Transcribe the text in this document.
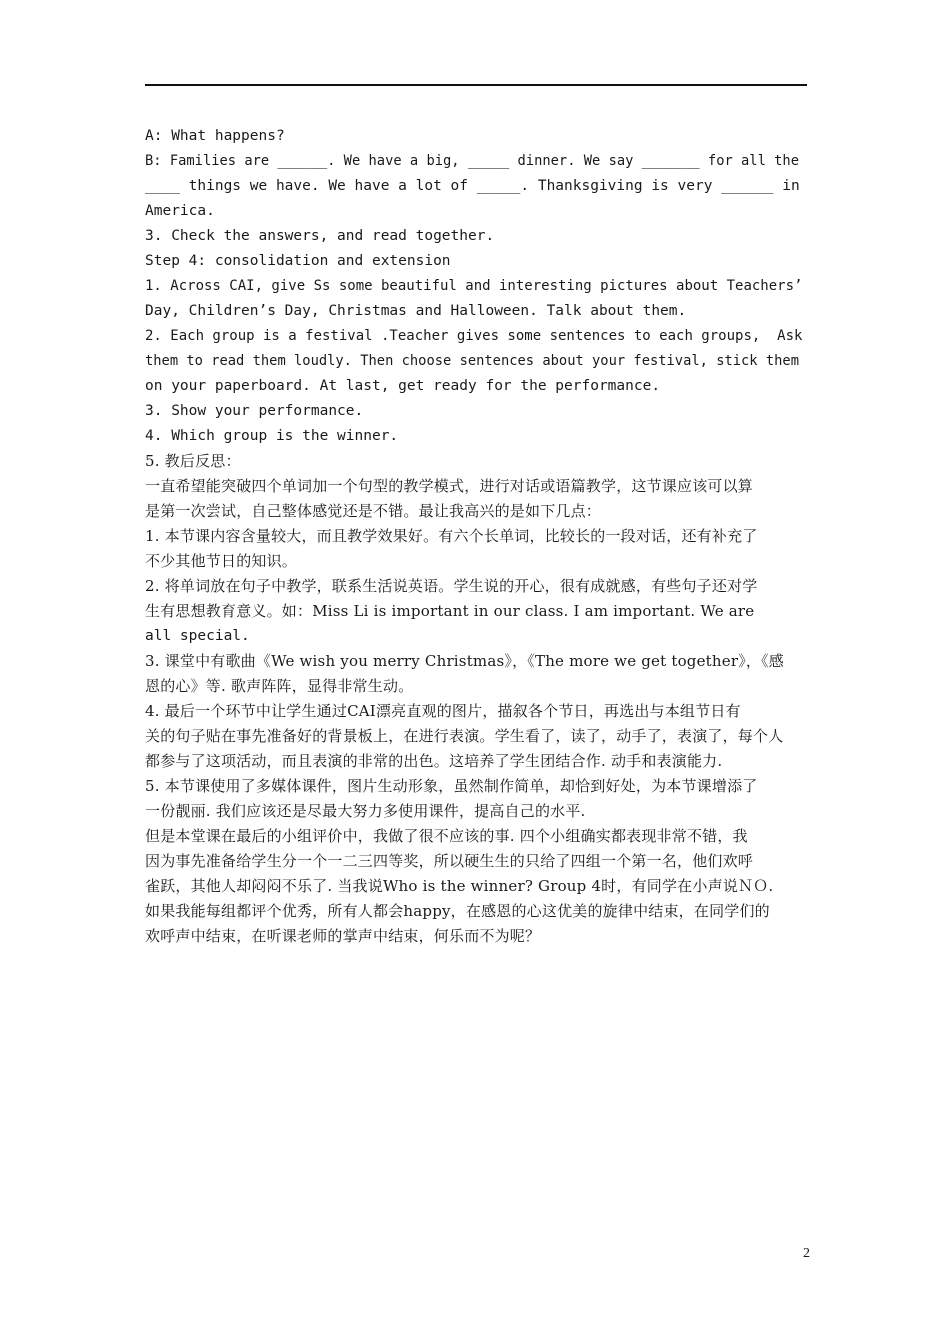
A: What happens?
B: Families are ______. We have a big, _____ dinner. We say _______ for all the
____ things we have. We have a lot of _____. Thanksgiving is very ______ in
America.
3. Check the answers, and read together.
Step 4: consolidation and extension
1. Across CAI, give Ss some beautiful and interesting pictures about Teachers’
Day, Children’s Day, Christmas and Halloween. Talk about them.
2. Each group is a festival .Teacher gives some sentences to each groups,  Ask
them to read them loudly. Then choose sentences about your festival, stick them
on your paperboard. At last, get ready for the performance.
3. Show your performance.
4. Which group is the winner.
5. 教后反思：
一直希望能突破四个单词加一个句型的教学模式，进行对话或语篇教学，这节课应该可以算
是第一次尝试，自己整体感觉还是不错。最让我高兴的是如下几点：
1. 本节课内容含量较大，而且教学效果好。有六个长单词，比较长的一段对话，还有补充了
不少其他节日的知识。
2. 将单词放在句子中教学，联系生活说英语。学生说的开心，很有成就感，有些句子还对学
生有思想教育意义。如：Miss Li is important in our class. I am important. We are
all special.
3. 课堂中有歌曲《We wish you merry Christmas》，《The more we get together》，《感
恩的心》等. 歌声阵阵，显得非常生动。
4. 最后一个环节中让学生通过CAI漂亮直观的图片，描叙各个节日，再选出与本组节日有
关的句子贴在事先准备好的背景板上，在进行表演。学生看了，读了，动手了，表演了，每个人
都参与了这项活动，而且表演的非常的出色。这培养了学生团结合作. 动手和表演能力.
5. 本节课使用了多媒体课件，图片生动形象，虽然制作简单，却恰到好处，为本节课增添了
一份靓丽. 我们应该还是尽最大努力多使用课件，提高自己的水平.
但是本堂课在最后的小组评价中，我做了很不应该的事. 四个小组确实都表现非常不错，我
因为事先准备给学生分一个一二三四等奖，所以硬生生的只给了四组一个第一名，他们欢呼
雀跃，其他人却闷闷不乐了. 当我说Who is the winner? Group 4时，有同学在小声说ＮＯ.
如果我能每组都评个优秀，所有人都会happy，在感恩的心这优美的旋律中结束，在同学们的
欢呼声中结束，在听课老师的掌声中结束，何乐而不为呢？
2
